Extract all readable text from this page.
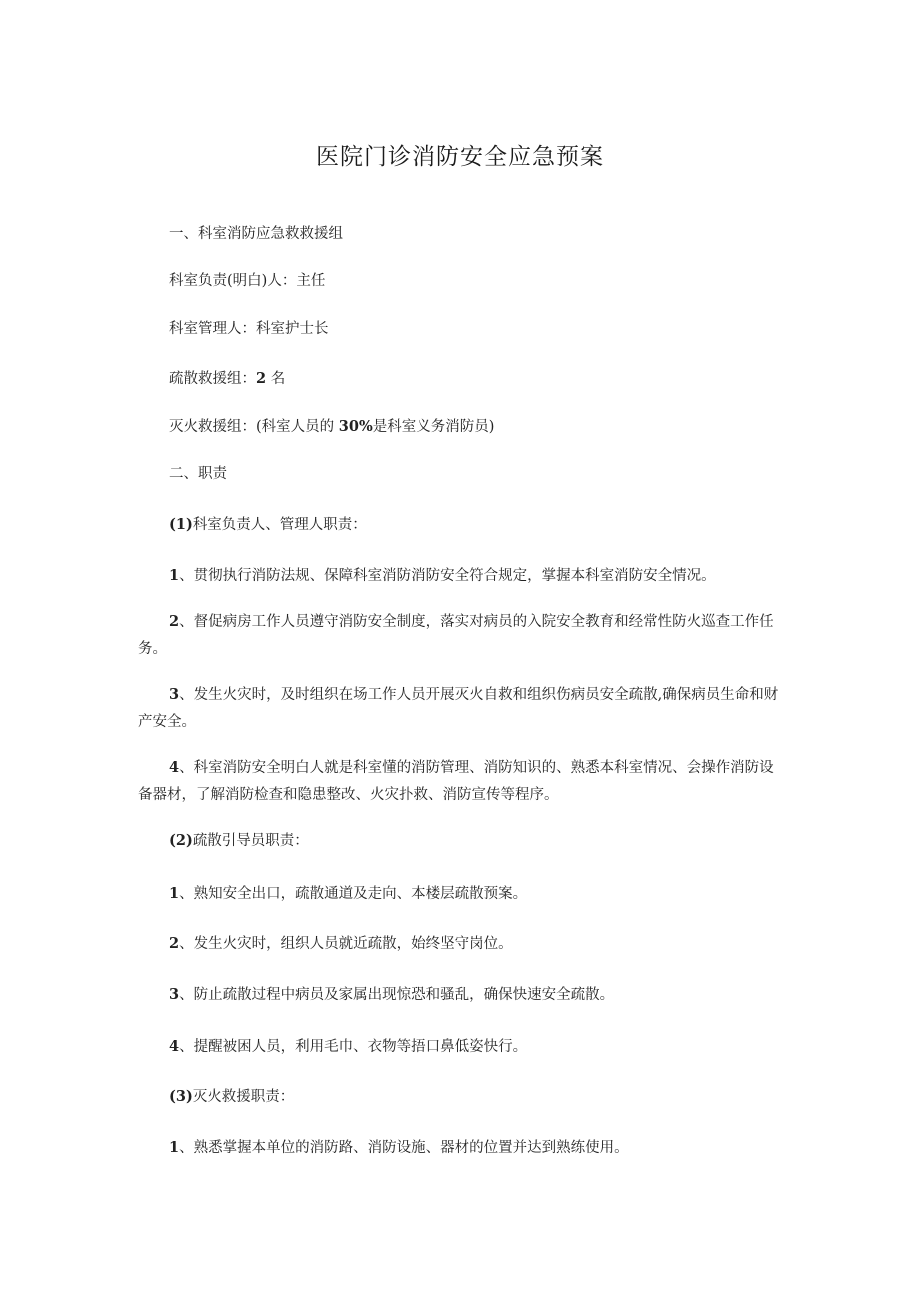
医院门诊消防安全应急预案
一、科室消防应急救救援组
科室负责(明白)人：主任
科室管理人：科室护士长
疏散救援组：2 名
灭火救援组：(科室人员的 30%是科室义务消防员)
二、职责
(1)科室负责人、管理人职责：
1、贯彻执行消防法规、保障科室消防消防安全符合规定，掌握本科室消防安全情况。
2、督促病房工作人员遵守消防安全制度，落实对病员的入院安全教育和经常性防火巡查工作任务。
3、发生火灾时，及时组织在场工作人员开展灭火自救和组织伤病员安全疏散,确保病员生命和财产安全。
4、科室消防安全明白人就是科室懂的消防管理、消防知识的、熟悉本科室情况、会操作消防设备器材，了解消防检查和隐患整改、火灾扑救、消防宣传等程序。
(2)疏散引导员职责：
1、熟知安全出口，疏散通道及走向、本楼层疏散预案。
2、发生火灾时，组织人员就近疏散，始终坚守岗位。
3、防止疏散过程中病员及家属出现惊恐和骚乱，确保快速安全疏散。
4、提醒被困人员，利用毛巾、衣物等捂口鼻低姿快行。
(3)灭火救援职责：
1、熟悉掌握本单位的消防路、消防设施、器材的位置并达到熟练使用。
